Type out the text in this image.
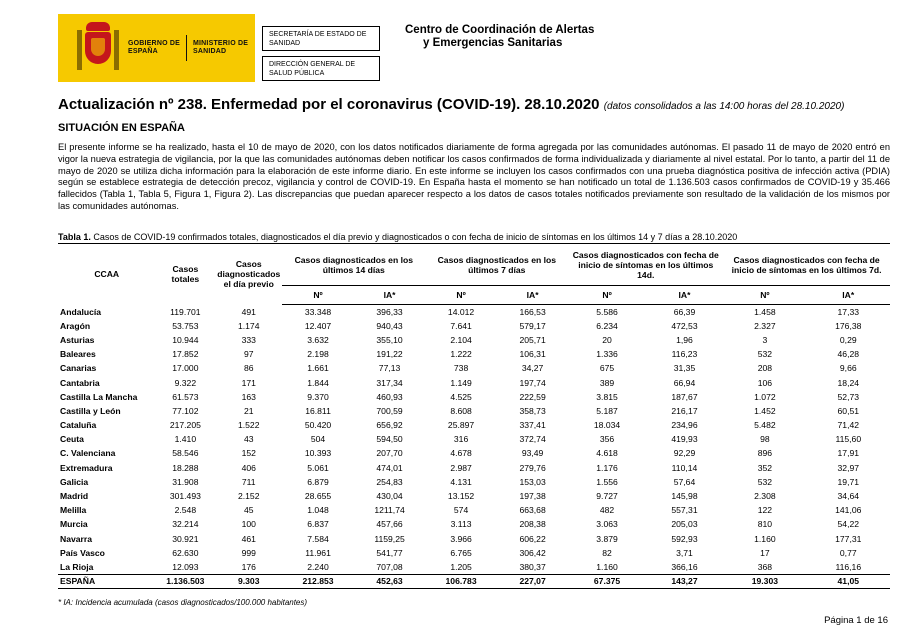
GOBIERNO DE ESPAÑA
MINISTERIO DE SANIDAD
SECRETARÍA DE ESTADO DE SANIDAD
DIRECCIÓN GENERAL DE SALUD PÚBLICA
Centro de Coordinación de Alertas
y Emergencias Sanitarias
Actualización nº 238. Enfermedad por el coronavirus (COVID-19). 28.10.2020 (datos consolidados a las 14:00 horas del 28.10.2020)
SITUACIÓN EN ESPAÑA
El presente informe se ha realizado, hasta el 10 de mayo de 2020, con los datos notificados diariamente de forma agregada por las comunidades autónomas. El pasado 11 de mayo de 2020 entró en vigor la nueva estrategia de vigilancia, por la que las comunidades autónomas deben notificar los casos confirmados de forma individualizada y diariamente al nivel estatal. Por lo tanto, a partir del 11 de mayo de 2020 se utiliza dicha información para la elaboración de este informe diario. En este informe se incluyen los casos confirmados con una prueba diagnóstica positiva de infección activa (PDIA) según se establece estrategia de detección precoz, vigilancia y control de COVID-19. En España hasta el momento se han notificado un total de 1.136.503 casos confirmados de COVID-19 y 35.466 fallecidos (Tabla 1, Tabla 5, Figura 1, Figura 2). Las discrepancias que puedan aparecer respecto a los datos de casos totales notificados previamente son resultado de la validación de los mismos por las comunidades autónomas.
Tabla 1. Casos de COVID-19 confirmados totales, diagnosticados el día previo y diagnosticados o con fecha de inicio de síntomas en los últimos 14 y 7 días a 28.10.2020
CCAA	Casos totales	Casos diagnosticados el día previo	Casos diagnosticados en los últimos 14 días		Casos diagnosticados en los últimos 7 días		Casos diagnosticados con fecha de inicio de síntomas en los últimos 14d.		Casos diagnosticados con fecha de inicio de síntomas en los últimos 7d.	
			Nº	IA*	Nº	IA*	Nº	IA*	Nº	IA*
Andalucía	119.701	491	33.348	396,33	14.012	166,53	5.586	66,39	1.458	17,33
Aragón	53.753	1.174	12.407	940,43	7.641	579,17	6.234	472,53	2.327	176,38
Asturias	10.944	333	3.632	355,10	2.104	205,71	20	1,96	3	0,29
Baleares	17.852	97	2.198	191,22	1.222	106,31	1.336	116,23	532	46,28
Canarias	17.000	86	1.661	77,13	738	34,27	675	31,35	208	9,66
Cantabria	9.322	171	1.844	317,34	1.149	197,74	389	66,94	106	18,24
Castilla La Mancha	61.573	163	9.370	460,93	4.525	222,59	3.815	187,67	1.072	52,73
Castilla y León	77.102	21	16.811	700,59	8.608	358,73	5.187	216,17	1.452	60,51
Cataluña	217.205	1.522	50.420	656,92	25.897	337,41	18.034	234,96	5.482	71,42
Ceuta	1.410	43	504	594,50	316	372,74	356	419,93	98	115,60
C. Valenciana	58.546	152	10.393	207,70	4.678	93,49	4.618	92,29	896	17,91
Extremadura	18.288	406	5.061	474,01	2.987	279,76	1.176	110,14	352	32,97
Galicia	31.908	711	6.879	254,83	4.131	153,03	1.556	57,64	532	19,71
Madrid	301.493	2.152	28.655	430,04	13.152	197,38	9.727	145,98	2.308	34,64
Melilla	2.548	45	1.048	1211,74	574	663,68	482	557,31	122	141,06
Murcia	32.214	100	6.837	457,66	3.113	208,38	3.063	205,03	810	54,22
Navarra	30.921	461	7.584	1159,25	3.966	606,22	3.879	592,93	1.160	177,31
País Vasco	62.630	999	11.961	541,77	6.765	306,42	82	3,71	17	0,77
La Rioja	12.093	176	2.240	707,08	1.205	380,37	1.160	366,16	368	116,16
ESPAÑA	1.136.503	9.303	212.853	452,63	106.783	227,07	67.375	143,27	19.303	41,05
* IA: Incidencia acumulada (casos diagnosticados/100.000 habitantes)
Página 1 de 16
